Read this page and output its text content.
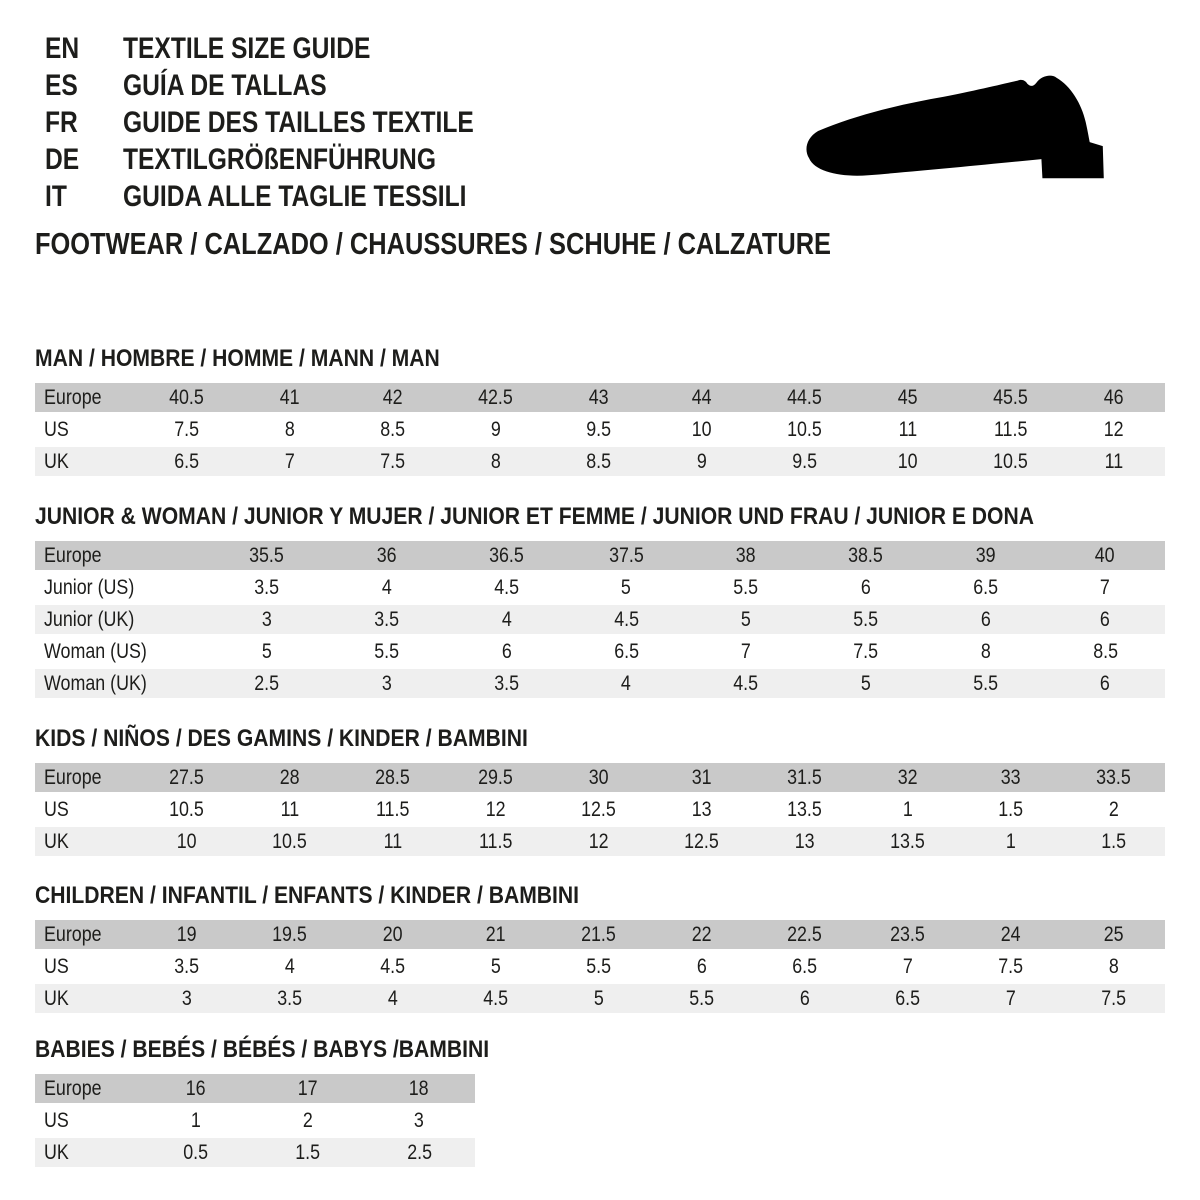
EN	TEXTILE SIZE GUIDE
ES	GUÍA DE TALLAS
FR	GUIDE DES TAILLES TEXTILE
DE	TEXTILGRÖßENFÜHRUNG
IT	GUIDA ALLE TAGLIE TESSILI

FOOTWEAR / CALZADO / CHAUSSURES / SCHUHE / CALZATURE

MAN / HOMBRE / HOMME / MANN / MAN
Europe	40.5	41	42	42.5	43	44	44.5	45	45.5	46
US	7.5	8	8.5	9	9.5	10	10.5	11	11.5	12
UK	6.5	7	7.5	8	8.5	9	9.5	10	10.5	11
JUNIOR & WOMAN / JUNIOR Y MUJER / JUNIOR ET FEMME / JUNIOR UND FRAU / JUNIOR E DONA
Europe	35.5	36	36.5	37.5	38	38.5	39	40
Junior (US)	3.5	4	4.5	5	5.5	6	6.5	7
Junior (UK)	3	3.5	4	4.5	5	5.5	6	6
Woman (US)	5	5.5	6	6.5	7	7.5	8	8.5
Woman (UK)	2.5	3	3.5	4	4.5	5	5.5	6
KIDS / NIÑOS / DES GAMINS / KINDER / BAMBINI
Europe	27.5	28	28.5	29.5	30	31	31.5	32	33	33.5
US	10.5	11	11.5	12	12.5	13	13.5	1	1.5	2
UK	10	10.5	11	11.5	12	12.5	13	13.5	1	1.5
CHILDREN / INFANTIL / ENFANTS / KINDER / BAMBINI
Europe	19	19.5	20	21	21.5	22	22.5	23.5	24	25
US	3.5	4	4.5	5	5.5	6	6.5	7	7.5	8
UK	3	3.5	4	4.5	5	5.5	6	6.5	7	7.5
BABIES / BEBÉS / BÉBÉS / BABYS /BAMBINI
Europe	16	17	18
US	1	2	3
UK	0.5	1.5	2.5
